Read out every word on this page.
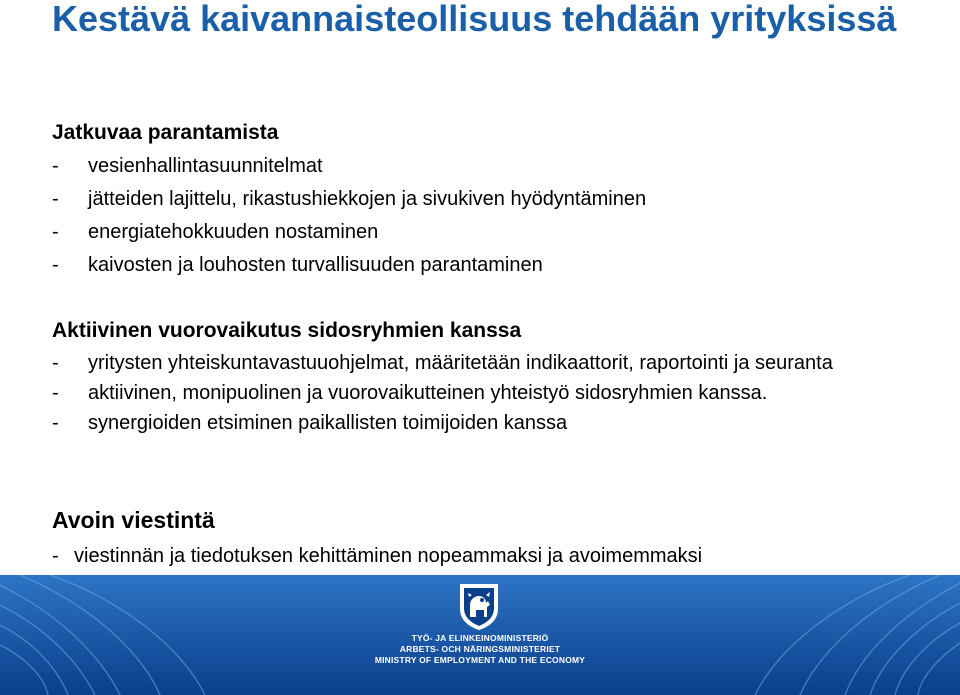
Kestävä kaivannaisteollisuus tehdään yrityksissä
Jatkuvaa parantamista
- vesienhallintasuunnitelmat
- jätteiden lajittelu, rikastushiekkojen ja sivukiven hyödyntäminen
- energiatehokkuuden nostaminen
- kaivosten ja louhosten turvallisuuden parantaminen
Aktiivinen vuorovaikutus sidosryhmien kanssa
- yritysten yhteiskuntavastuuohjelmat, määritetään indikaattorit, raportointi ja seuranta
- aktiivinen, monipuolinen ja vuorovaikutteinen yhteistyö sidosryhmien kanssa.
- synergioiden etsiminen paikallisten toimijoiden kanssa
Avoin viestintä
- viestinnän ja tiedotuksen kehittäminen nopeammaksi ja avoimemmaksi
TYÖ- JA ELINKEINOMINISTERIÖ
ARBETS- OCH NÄRINGSMINISTERIET
MINISTRY OF EMPLOYMENT AND THE ECONOMY
